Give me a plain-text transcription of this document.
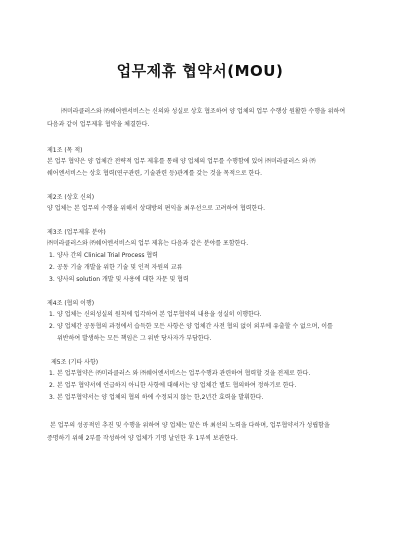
업무제휴 협약서(MOU)

㈜미라클러스와 ㈜쉐어엔서비스는 신의와 성실로 상호 협조하여 양 업체의 업무 수행상 원활한 수행을 위하여 다음과 같이 업무제휴 협약을 체결한다.

제1조 (목 적)

본 업무 협약은 양 업체간 전략적 업무 제휴를 통해 양 업체의 업무를 수행함에 있어 ㈜미라클러스 와 ㈜쉐어엔서비스는 상호 협력(연구관련, 기술관련 등)관계를 갖는 것을 목적으로 한다.

제2조 (상호 신의)

양 업체는 본 업무의 수행을 위해서 상대방의 편익을 최우선으로 고려하여 협력한다.

제3조 (업무제휴 분야)

㈜미라클러스와 ㈜쉐어엔서비스의 업무 제휴는 다음과 같은 분야를 포함한다.

1. 양사 간의 Clinical Trial Process 협력
2. 공동 기술 개발을 위한 기술 및 인적 자원의 교류
3. 양사의 solution 개발 및 사용에 대한 자문 및 협력

제4조 (협의 이행)

1. 양 업체는 신의성실의 원칙에 입각하여 본 업무협약의 내용을 성실히 이행한다.
2. 양 업체간 공동협의 과정에서 습득한 모든 사항은 양 업체간 사전 협의 없이 외부에 유출할 수 없으며, 이를 위반하여 발생하는 모든 책임은 그 위반 당사자가 부담한다.

제5조 (기타 사항)

1. 본 업무협약은 ㈜미라클러스 와 ㈜쉐어엔서비스는 업무수행과 관련하여 협력할 것을 전제로 한다.
2. 본 업무 협약서에 언급하지 아니한 사항에 대해서는 양 업체간 별도 협의하여 정하기로 한다.
3. 본 업무협약서는 양 업체의 협의 하에 수정되지 않는 한,2년간 효력을 발휘한다.

본 업무의 성공적인 추진 및 수행을 위하여 양 업체는 맡은 바 최선의 노력을 다하며, 업무협약서가 성립함을 증명하기 위해 2부를 작성하여 양 업체가 기명 날인한 후 1부씩 보관한다.
